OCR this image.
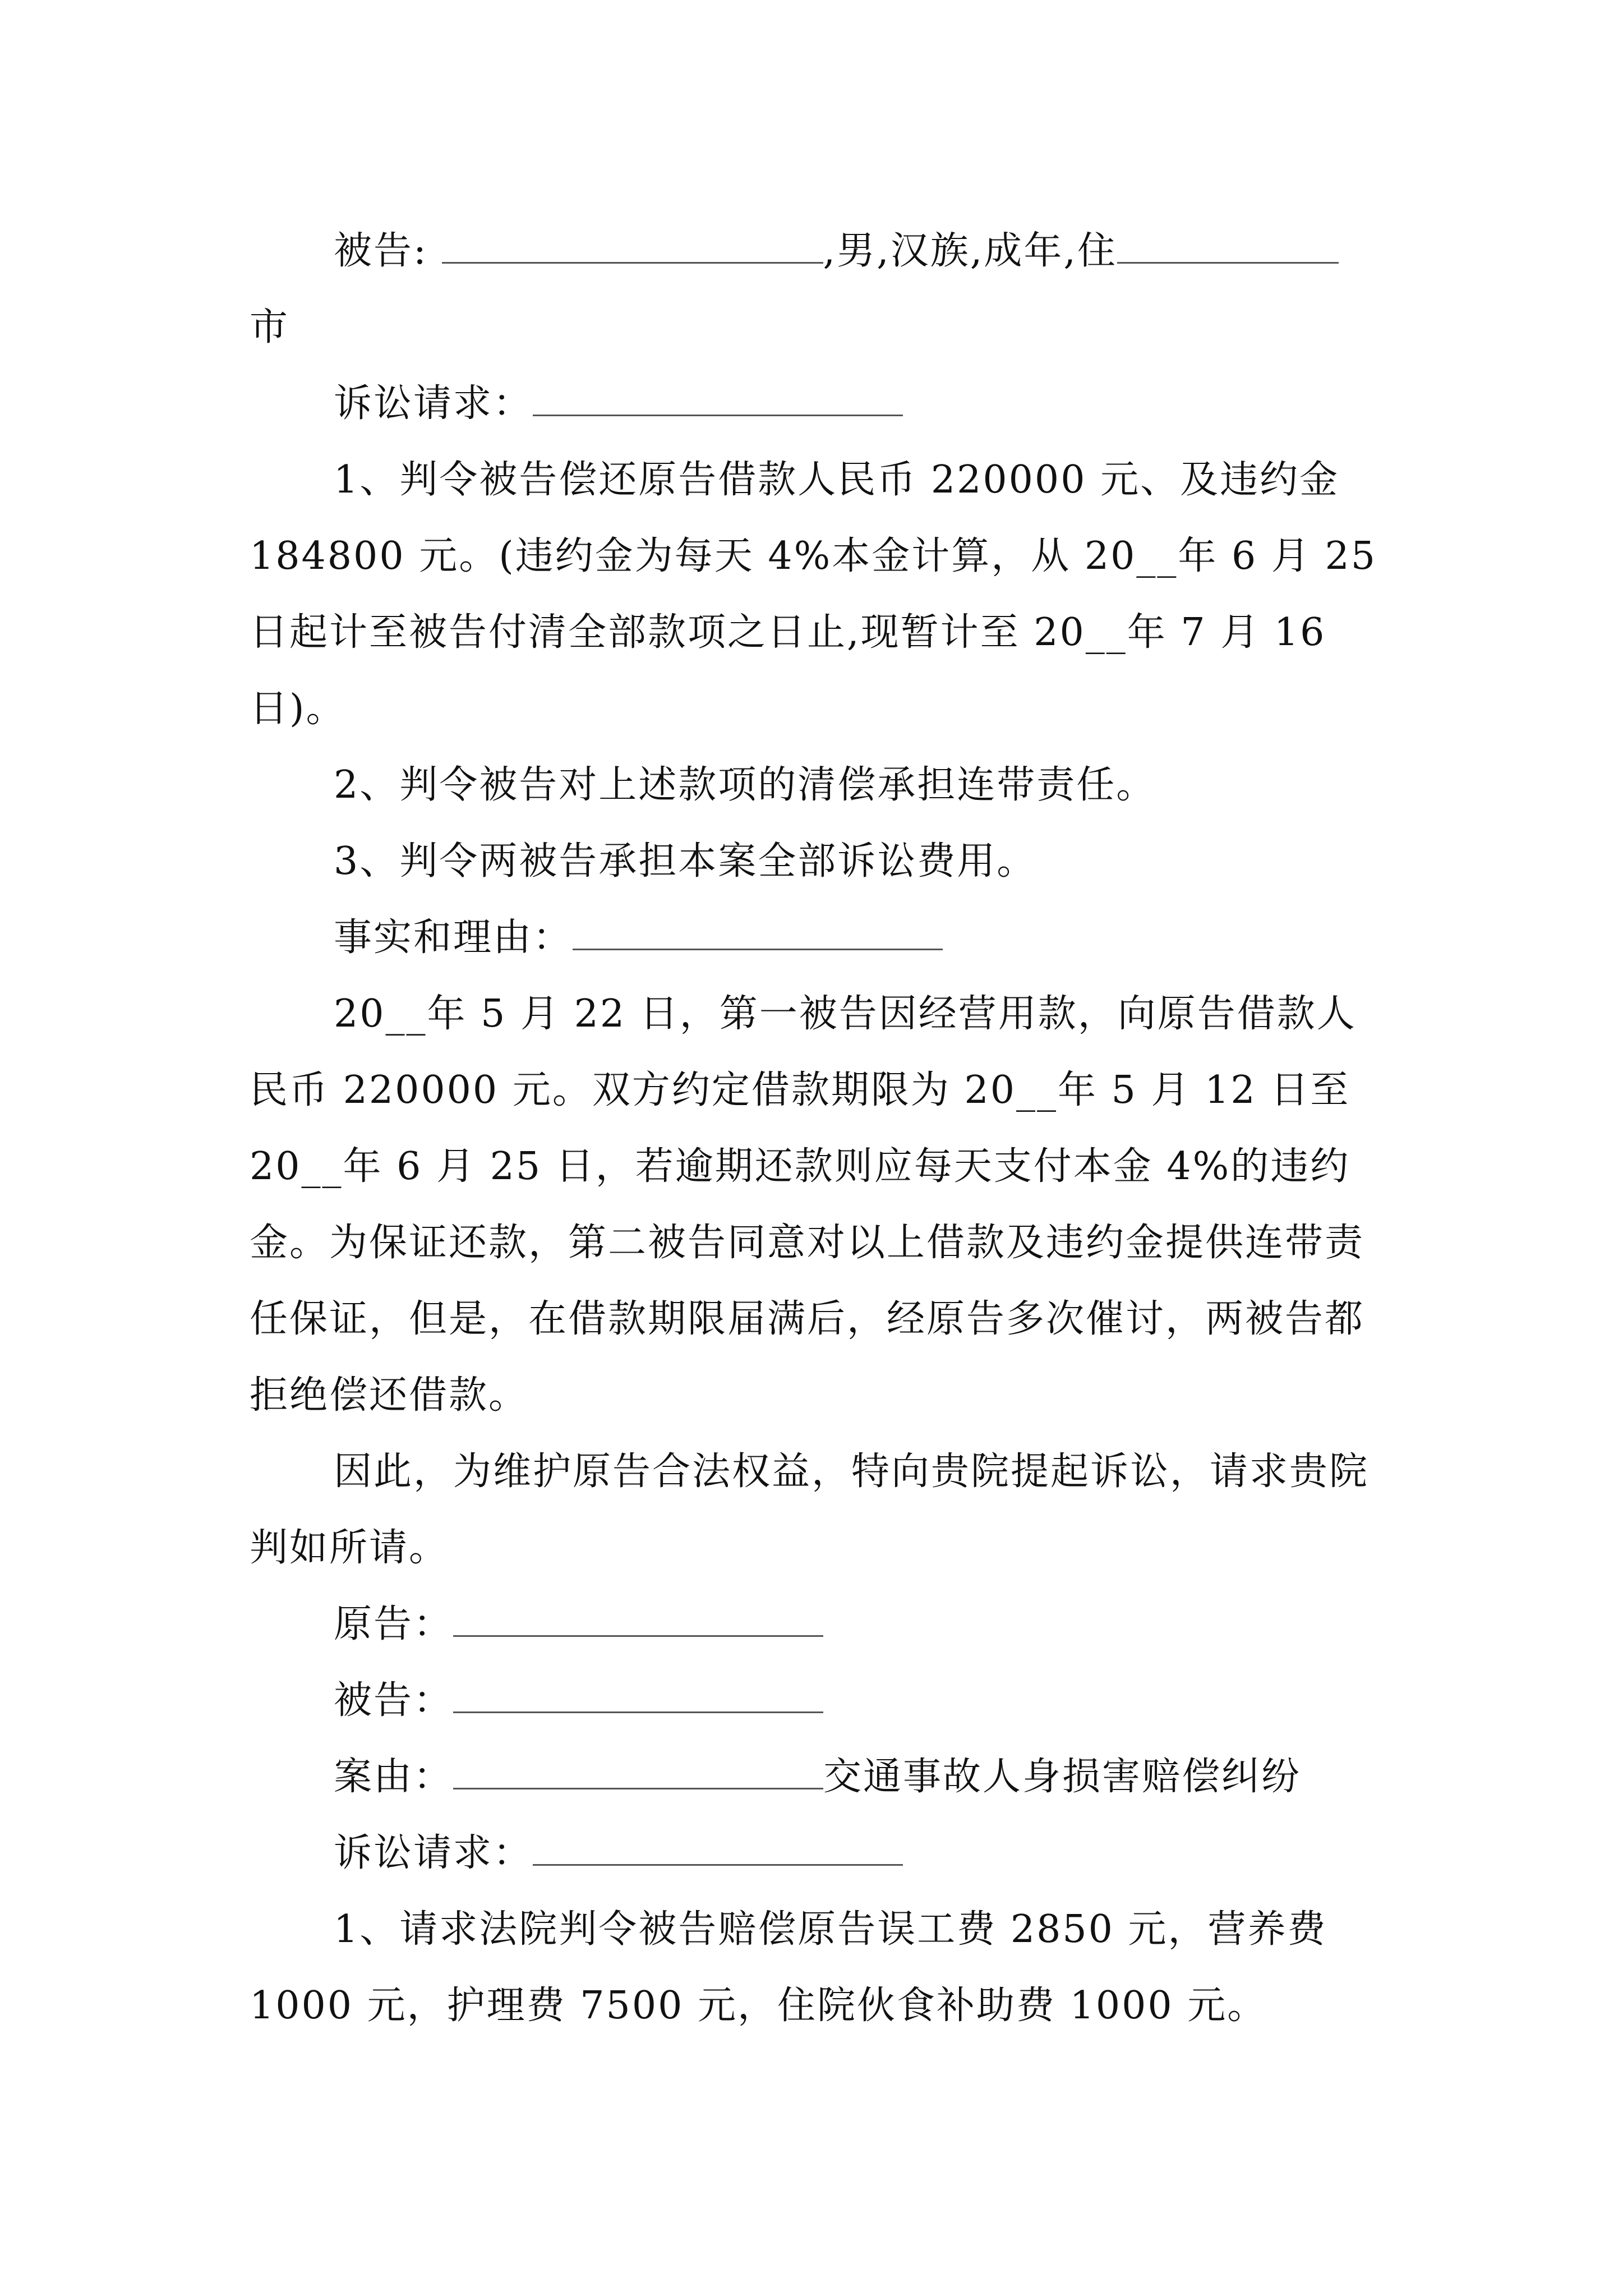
被告:	,男,汉族,成年,住

市

诉讼请求：

1、判令被告偿还原告借款人民币 220000 元、及违约金 184800 元。(违约金为每天 4%本金计算，从 20__年 6 月 25 日起计至被告付清全部款项之日止,现暂计至 20__年 7 月 16 日)。

2、判令被告对上述款项的清偿承担连带责任。

3、判令两被告承担本案全部诉讼费用。

事实和理由：

20__年 5 月 22 日，第一被告因经营用款，向原告借款人民币 220000 元。双方约定借款期限为 20__年 5 月 12 日至 20__年 6 月 25 日，若逾期还款则应每天支付本金 4%的违约金。为保证还款，第二被告同意对以上借款及违约金提供连带责任保证，但是，在借款期限届满后，经原告多次催讨，两被告都拒绝偿还借款。

因此，为维护原告合法权益，特向贵院提起诉讼，请求贵院判如所请。

原告：

被告：

案由：	交通事故人身损害赔偿纠纷

诉讼请求：

1、请求法院判令被告赔偿原告误工费 2850 元，营养费 1000 元，护理费 7500 元，住院伙食补助费 1000 元。
